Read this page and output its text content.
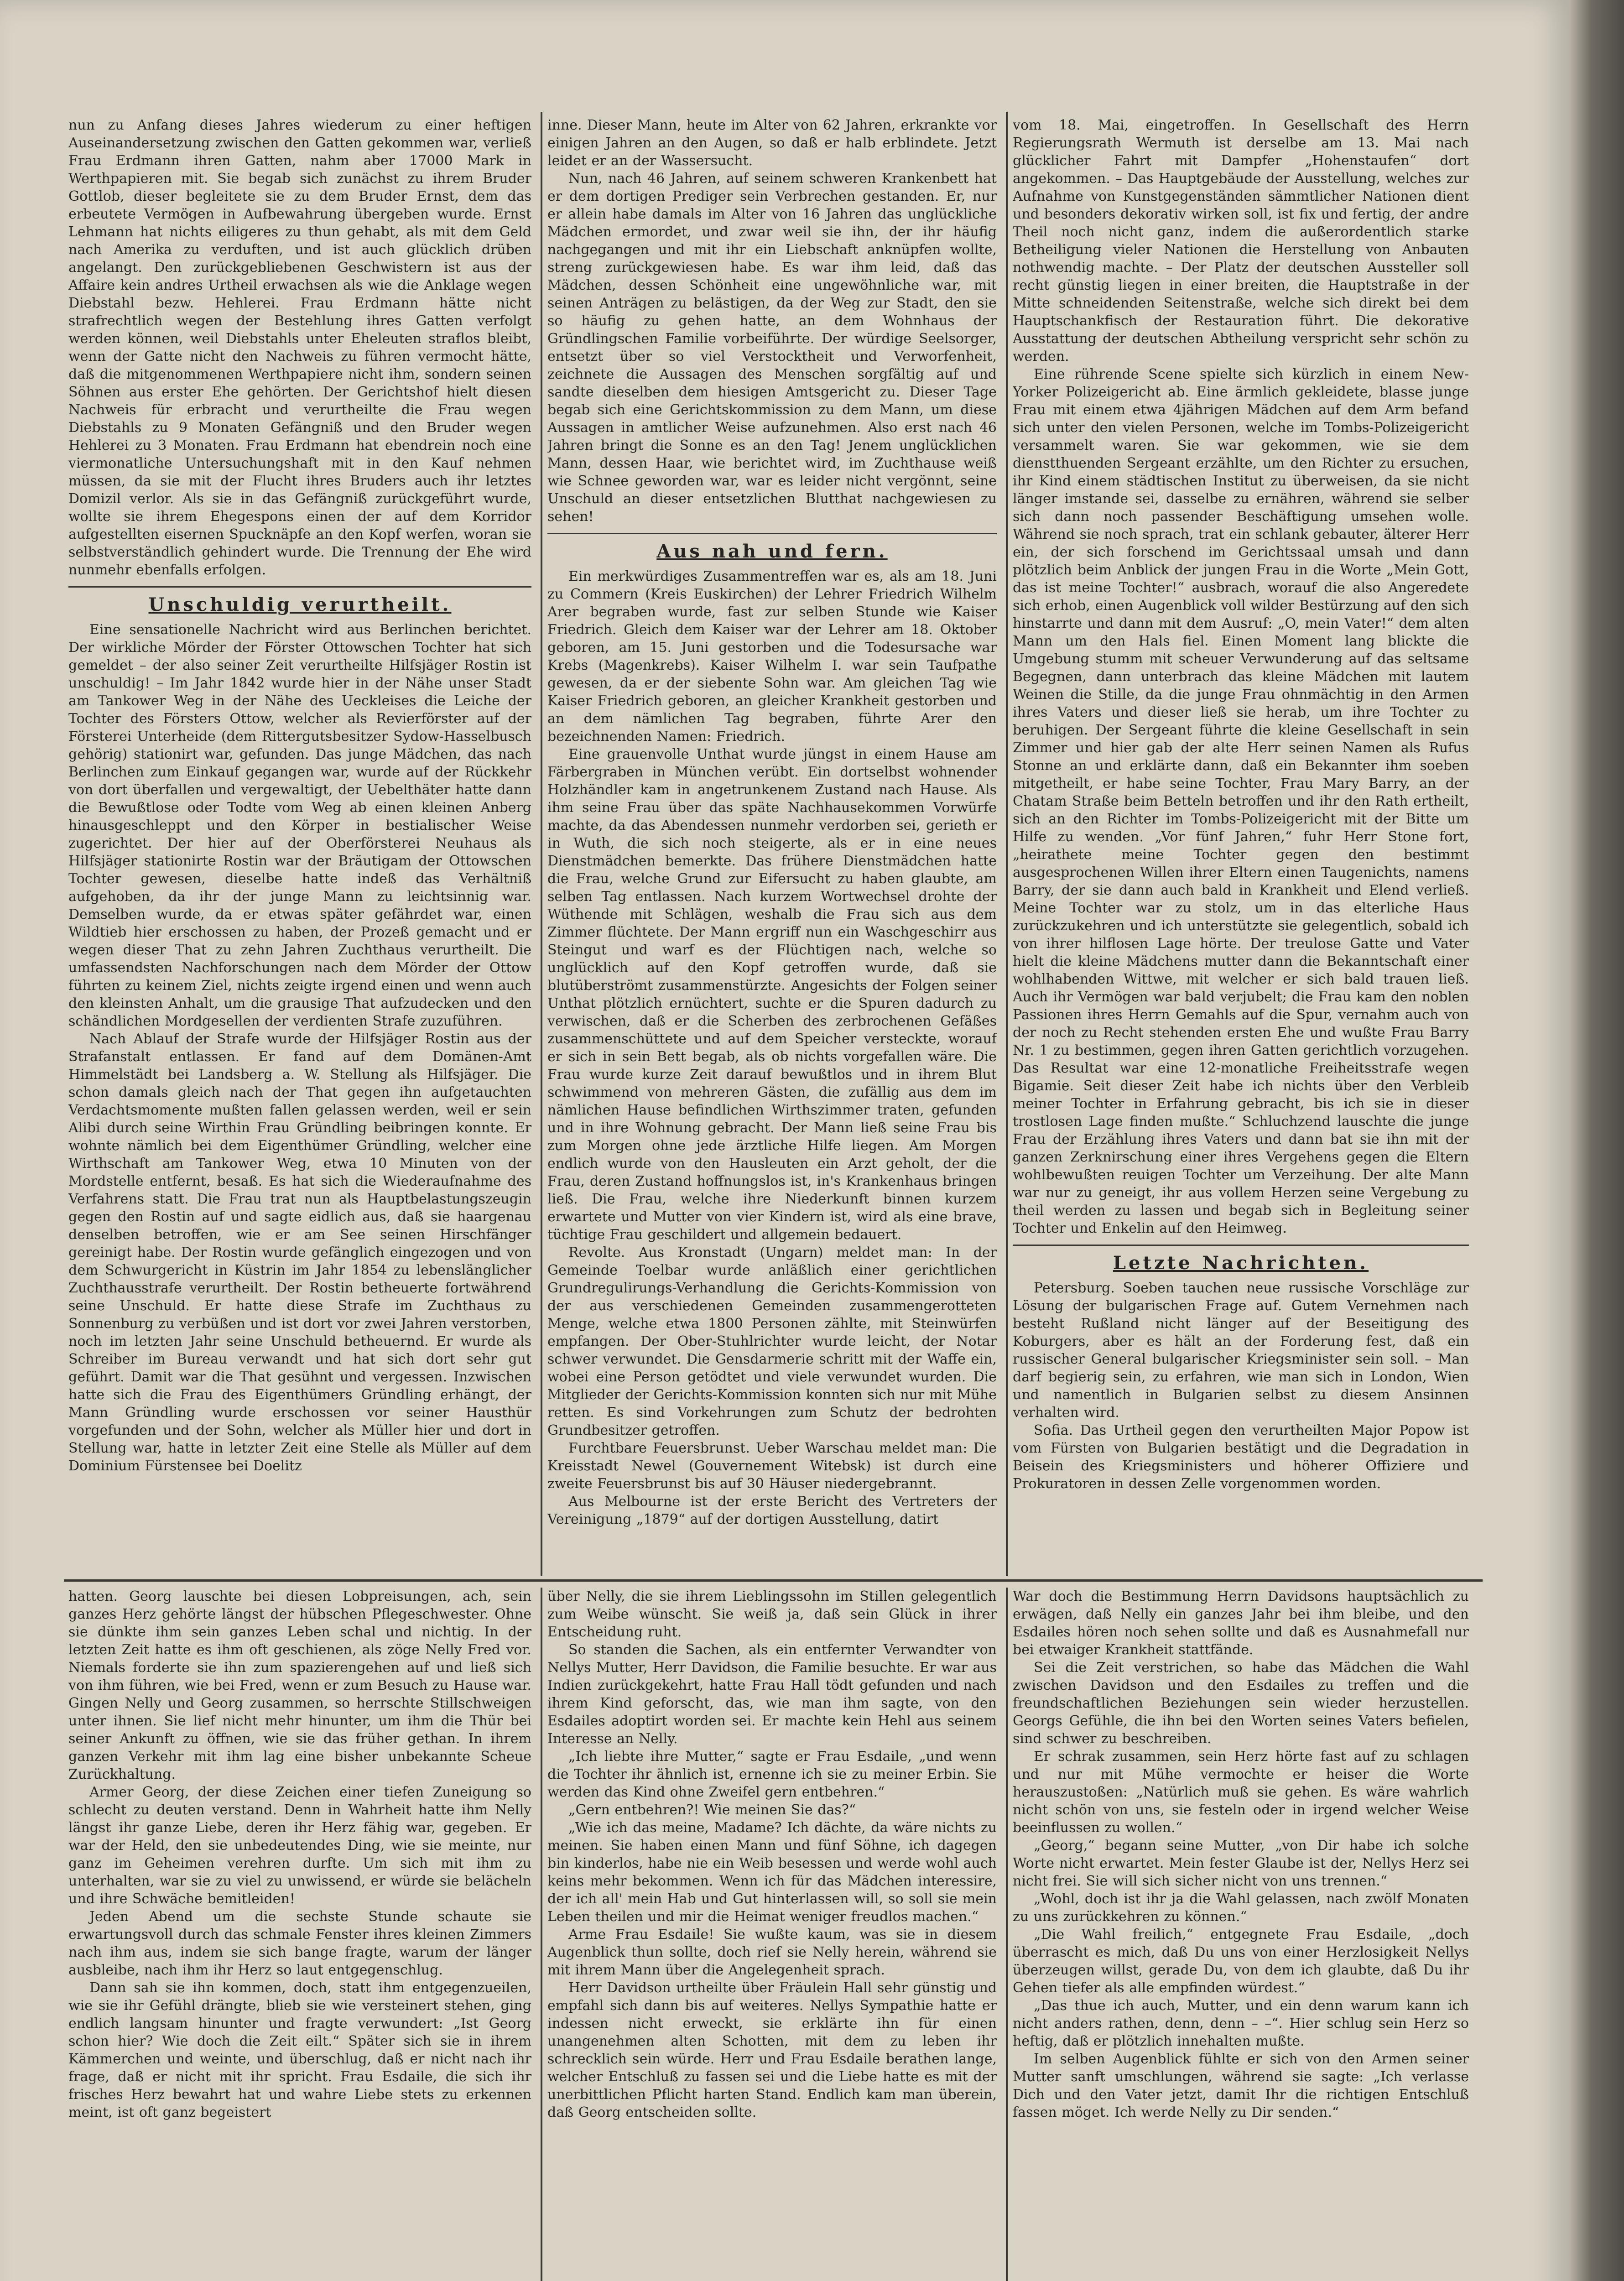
nun zu Anfang dieses Jahres wiederum zu einer heftigen Auseinandersetzung zwischen den Gatten gekommen war, verließ Frau Erdmann ihren Gatten, nahm aber 17000 Mark in Werthpapieren mit. Sie begab sich zunächst zu ihrem Bruder Gottlob, dieser begleitete sie zu dem Bruder Ernst, dem das erbeutete Vermögen in Aufbewahrung übergeben wurde. Ernst Lehmann hat nichts eiligeres zu thun gehabt, als mit dem Geld nach Amerika zu verduften, und ist auch glücklich drüben angelangt. Den zurückgebliebenen Geschwistern ist aus der Affaire kein andres Urtheil erwachsen als wie die Anklage wegen Diebstahl bezw. Hehlerei. Frau Erdmann hätte nicht strafrechtlich wegen der Bestehlung ihres Gatten verfolgt werden können, weil Diebstahls unter Eheleuten straflos bleibt, wenn der Gatte nicht den Nachweis zu führen vermocht hätte, daß die mitgenommenen Werthpapiere nicht ihm, sondern seinen Söhnen aus erster Ehe gehörten. Der Gerichtshof hielt diesen Nachweis für erbracht und verurtheilte die Frau wegen Diebstahls zu 9 Monaten Gefängniß und den Bruder wegen Hehlerei zu 3 Monaten. Frau Erdmann hat ebendrein noch eine viermonatliche Untersuchungshaft mit in den Kauf nehmen müssen, da sie mit der Flucht ihres Bruders auch ihr letztes Domizil verlor. Als sie in das Gefängniß zurückgeführt wurde, wollte sie ihrem Ehegespons einen der auf dem Korridor aufgestellten eisernen Spucknäpfe an den Kopf werfen, woran sie selbstverständlich gehindert wurde. Die Trennung der Ehe wird nunmehr ebenfalls erfolgen.

Unschuldig verurtheilt.

Eine sensationelle Nachricht wird aus Berlinchen berichtet. Der wirkliche Mörder der Förster Ottowschen Tochter hat sich gemeldet – der also seiner Zeit verurtheilte Hilfsjäger Rostin ist unschuldig! – Im Jahr 1842 wurde hier in der Nähe unser Stadt am Tankower Weg in der Nähe des Ueckleises die Leiche der Tochter des Försters Ottow, welcher als Revierförster auf der Försterei Unterheide (dem Rittergutsbesitzer Sydow-Hasselbusch gehörig) stationirt war, gefunden. Das junge Mädchen, das nach Berlinchen zum Einkauf gegangen war, wurde auf der Rückkehr von dort überfallen und vergewaltigt, der Uebelthäter hatte dann die Bewußtlose oder Todte vom Weg ab einen kleinen Anberg hinausgeschleppt und den Körper in bestialischer Weise zugerichtet. Der hier auf der Oberförsterei Neuhaus als Hilfsjäger stationirte Rostin war der Bräutigam der Ottowschen Tochter gewesen, dieselbe hatte indeß das Verhältniß aufgehoben, da ihr der junge Mann zu leichtsinnig war. Demselben wurde, da er etwas später gefährdet war, einen Wildtieb hier erschossen zu haben, der Prozeß gemacht und er wegen dieser That zu zehn Jahren Zuchthaus verurtheilt. Die umfassendsten Nachforschungen nach dem Mörder der Ottow führten zu keinem Ziel, nichts zeigte irgend einen und wenn auch den kleinsten Anhalt, um die grausige That aufzudecken und den schändlichen Mordgesellen der verdienten Strafe zuzuführen.

Nach Ablauf der Strafe wurde der Hilfsjäger Rostin aus der Strafanstalt entlassen. Er fand auf dem Domänen-Amt Himmelstädt bei Landsberg a. W. Stellung als Hilfsjäger. Die schon damals gleich nach der That gegen ihn aufgetauchten Verdachtsmomente mußten fallen gelassen werden, weil er sein Alibi durch seine Wirthin Frau Gründling beibringen konnte. Er wohnte nämlich bei dem Eigenthümer Gründling, welcher eine Wirthschaft am Tankower Weg, etwa 10 Minuten von der Mordstelle entfernt, besaß. Es hat sich die Wiederaufnahme des Verfahrens statt. Die Frau trat nun als Hauptbelastungszeugin gegen den Rostin auf und sagte eidlich aus, daß sie haargenau denselben betroffen, wie er am See seinen Hirschfänger gereinigt habe. Der Rostin wurde gefänglich eingezogen und von dem Schwurgericht in Küstrin im Jahr 1854 zu lebenslänglicher Zuchthausstrafe verurtheilt. Der Rostin betheuerte fortwährend seine Unschuld. Er hatte diese Strafe im Zuchthaus zu Sonnenburg zu verbüßen und ist dort vor zwei Jahren verstorben, noch im letzten Jahr seine Unschuld betheuernd. Er wurde als Schreiber im Bureau verwandt und hat sich dort sehr gut geführt. Damit war die That gesühnt und vergessen. Inzwischen hatte sich die Frau des Eigenthümers Gründling erhängt, der Mann Gründling wurde erschossen vor seiner Hausthür vorgefunden und der Sohn, welcher als Müller hier und dort in Stellung war, hatte in letzter Zeit eine Stelle als Müller auf dem Dominium Fürstensee bei Doelitz

inne. Dieser Mann, heute im Alter von 62 Jahren, erkrankte vor einigen Jahren an den Augen, so daß er halb erblindete. Jetzt leidet er an der Wassersucht.

Nun, nach 46 Jahren, auf seinem schweren Krankenbett hat er dem dortigen Prediger sein Verbrechen gestanden. Er, nur er allein habe damals im Alter von 16 Jahren das unglückliche Mädchen ermordet, und zwar weil sie ihn, der ihr häufig nachgegangen und mit ihr ein Liebschaft anknüpfen wollte, streng zurückgewiesen habe. Es war ihm leid, daß das Mädchen, dessen Schönheit eine ungewöhnliche war, mit seinen Anträgen zu belästigen, da der Weg zur Stadt, den sie so häufig zu gehen hatte, an dem Wohnhaus der Gründlingschen Familie vorbeiführte. Der würdige Seelsorger, entsetzt über so viel Verstocktheit und Verworfenheit, zeichnete die Aussagen des Menschen sorgfältig auf und sandte dieselben dem hiesigen Amtsgericht zu. Dieser Tage begab sich eine Gerichtskommission zu dem Mann, um diese Aussagen in amtlicher Weise aufzunehmen. Also erst nach 46 Jahren bringt die Sonne es an den Tag! Jenem unglücklichen Mann, dessen Haar, wie berichtet wird, im Zuchthause weiß wie Schnee geworden war, war es leider nicht vergönnt, seine Unschuld an dieser entsetzlichen Blutthat nachgewiesen zu sehen!

Aus nah und fern.

Ein merkwürdiges Zusammentreffen war es, als am 18. Juni zu Commern (Kreis Euskirchen) der Lehrer Friedrich Wilhelm Arer begraben wurde, fast zur selben Stunde wie Kaiser Friedrich. Gleich dem Kaiser war der Lehrer am 18. Oktober geboren, am 15. Juni gestorben und die Todesursache war Krebs (Magenkrebs). Kaiser Wilhelm I. war sein Taufpathe gewesen, da er der siebente Sohn war. Am gleichen Tag wie Kaiser Friedrich geboren, an gleicher Krankheit gestorben und an dem nämlichen Tag begraben, führte Arer den bezeichnenden Namen: Friedrich.

Eine grauenvolle Unthat wurde jüngst in einem Hause am Färbergraben in München verübt. Ein dortselbst wohnender Holzhändler kam in angetrunkenem Zustand nach Hause. Als ihm seine Frau über das späte Nachhausekommen Vorwürfe machte, da das Abendessen nunmehr verdorben sei, gerieth er in Wuth, die sich noch steigerte, als er in eine neues Dienstmädchen bemerkte. Das frühere Dienstmädchen hatte die Frau, welche Grund zur Eifersucht zu haben glaubte, am selben Tag entlassen. Nach kurzem Wortwechsel drohte der Wüthende mit Schlägen, weshalb die Frau sich aus dem Zimmer flüchtete. Der Mann ergriff nun ein Waschgeschirr aus Steingut und warf es der Flüchtigen nach, welche so unglücklich auf den Kopf getroffen wurde, daß sie blutüberströmt zusammenstürzte. Angesichts der Folgen seiner Unthat plötzlich ernüchtert, suchte er die Spuren dadurch zu verwischen, daß er die Scherben des zerbrochenen Gefäßes zusammenschüttete und auf dem Speicher versteckte, worauf er sich in sein Bett begab, als ob nichts vorgefallen wäre. Die Frau wurde kurze Zeit darauf bewußtlos und in ihrem Blut schwimmend von mehreren Gästen, die zufällig aus dem im nämlichen Hause befindlichen Wirthszimmer traten, gefunden und in ihre Wohnung gebracht. Der Mann ließ seine Frau bis zum Morgen ohne jede ärztliche Hilfe liegen. Am Morgen endlich wurde von den Hausleuten ein Arzt geholt, der die Frau, deren Zustand hoffnungslos ist, in's Krankenhaus bringen ließ. Die Frau, welche ihre Niederkunft binnen kurzem erwartete und Mutter von vier Kindern ist, wird als eine brave, tüchtige Frau geschildert und allgemein bedauert.

Revolte. Aus Kronstadt (Ungarn) meldet man: In der Gemeinde Toelbar wurde anläßlich einer gerichtlichen Grundregulirungs-Verhandlung die Gerichts-Kommission von der aus verschiedenen Gemeinden zusammengerotteten Menge, welche etwa 1800 Personen zählte, mit Steinwürfen empfangen. Der Ober-Stuhlrichter wurde leicht, der Notar schwer verwundet. Die Gensdarmerie schritt mit der Waffe ein, wobei eine Person getödtet und viele verwundet wurden. Die Mitglieder der Gerichts-Kommission konnten sich nur mit Mühe retten. Es sind Vorkehrungen zum Schutz der bedrohten Grundbesitzer getroffen.

Furchtbare Feuersbrunst. Ueber Warschau meldet man: Die Kreisstadt Newel (Gouvernement Witebsk) ist durch eine zweite Feuersbrunst bis auf 30 Häuser niedergebrannt.

Aus Melbourne ist der erste Bericht des Vertreters der Vereinigung „1879“ auf der dortigen Ausstellung, datirt

vom 18. Mai, eingetroffen. In Gesellschaft des Herrn Regierungsrath Wermuth ist derselbe am 13. Mai nach glücklicher Fahrt mit Dampfer „Hohenstaufen“ dort angekommen. – Das Hauptgebäude der Ausstellung, welches zur Aufnahme von Kunstgegenständen sämmtlicher Nationen dient und besonders dekorativ wirken soll, ist fix und fertig, der andre Theil noch nicht ganz, indem die außerordentlich starke Betheiligung vieler Nationen die Herstellung von Anbauten nothwendig machte. – Der Platz der deutschen Aussteller soll recht günstig liegen in einer breiten, die Hauptstraße in der Mitte schneidenden Seitenstraße, welche sich direkt bei dem Hauptschankfisch der Restauration führt. Die dekorative Ausstattung der deutschen Abtheilung verspricht sehr schön zu werden.

Eine rührende Scene spielte sich kürzlich in einem New-Yorker Polizeigericht ab. Eine ärmlich gekleidete, blasse junge Frau mit einem etwa 4jährigen Mädchen auf dem Arm befand sich unter den vielen Personen, welche im Tombs-Polizeigericht versammelt waren. Sie war gekommen, wie sie dem dienstthuenden Sergeant erzählte, um den Richter zu ersuchen, ihr Kind einem städtischen Institut zu überweisen, da sie nicht länger imstande sei, dasselbe zu ernähren, während sie selber sich dann noch passender Beschäftigung umsehen wolle. Während sie noch sprach, trat ein schlank gebauter, älterer Herr ein, der sich forschend im Gerichtssaal umsah und dann plötzlich beim Anblick der jungen Frau in die Worte „Mein Gott, das ist meine Tochter!“ ausbrach, worauf die also Angeredete sich erhob, einen Augenblick voll wilder Bestürzung auf den sich hinstarrte und dann mit dem Ausruf: „O, mein Vater!“ dem alten Mann um den Hals fiel. Einen Moment lang blickte die Umgebung stumm mit scheuer Verwunderung auf das seltsame Begegnen, dann unterbrach das kleine Mädchen mit lautem Weinen die Stille, da die junge Frau ohnmächtig in den Armen ihres Vaters und dieser ließ sie herab, um ihre Tochter zu beruhigen. Der Sergeant führte die kleine Gesellschaft in sein Zimmer und hier gab der alte Herr seinen Namen als Rufus Stonne an und erklärte dann, daß ein Bekannter ihm soeben mitgetheilt, er habe seine Tochter, Frau Mary Barry, an der Chatam Straße beim Betteln betroffen und ihr den Rath ertheilt, sich an den Richter im Tombs-Polizeigericht mit der Bitte um Hilfe zu wenden. „Vor fünf Jahren,“ fuhr Herr Stone fort, „heirathete meine Tochter gegen den bestimmt ausgesprochenen Willen ihrer Eltern einen Taugenichts, namens Barry, der sie dann auch bald in Krankheit und Elend verließ. Meine Tochter war zu stolz, um in das elterliche Haus zurückzukehren und ich unterstützte sie gelegentlich, sobald ich von ihrer hilflosen Lage hörte. Der treulose Gatte und Vater hielt die kleine Mädchens mutter dann die Bekanntschaft einer wohlhabenden Wittwe, mit welcher er sich bald trauen ließ. Auch ihr Vermögen war bald verjubelt; die Frau kam den noblen Passionen ihres Herrn Gemahls auf die Spur, vernahm auch von der noch zu Recht stehenden ersten Ehe und wußte Frau Barry Nr. 1 zu bestimmen, gegen ihren Gatten gerichtlich vorzugehen. Das Resultat war eine 12-monatliche Freiheitsstrafe wegen Bigamie. Seit dieser Zeit habe ich nichts über den Verbleib meiner Tochter in Erfahrung gebracht, bis ich sie in dieser trostlosen Lage finden mußte.“ Schluchzend lauschte die junge Frau der Erzählung ihres Vaters und dann bat sie ihn mit der ganzen Zerknirschung einer ihres Vergehens gegen die Eltern wohlbewußten reuigen Tochter um Verzeihung. Der alte Mann war nur zu geneigt, ihr aus vollem Herzen seine Vergebung zu theil werden zu lassen und begab sich in Begleitung seiner Tochter und Enkelin auf den Heimweg.

Letzte Nachrichten.

Petersburg. Soeben tauchen neue russische Vorschläge zur Lösung der bulgarischen Frage auf. Gutem Vernehmen nach besteht Rußland nicht länger auf der Beseitigung des Koburgers, aber es hält an der Forderung fest, daß ein russischer General bulgarischer Kriegsminister sein soll. – Man darf begierig sein, zu erfahren, wie man sich in London, Wien und namentlich in Bulgarien selbst zu diesem Ansinnen verhalten wird.

Sofia. Das Urtheil gegen den verurtheilten Major Popow ist vom Fürsten von Bulgarien bestätigt und die Degradation in Beisein des Kriegsministers und höherer Offiziere und Prokuratoren in dessen Zelle vorgenommen worden.

hatten. Georg lauschte bei diesen Lobpreisungen, ach, sein ganzes Herz gehörte längst der hübschen Pflegeschwester. Ohne sie dünkte ihm sein ganzes Leben schal und nichtig. In der letzten Zeit hatte es ihm oft geschienen, als zöge Nelly Fred vor. Niemals forderte sie ihn zum spazierengehen auf und ließ sich von ihm führen, wie bei Fred, wenn er zum Besuch zu Hause war. Gingen Nelly und Georg zusammen, so herrschte Stillschweigen unter ihnen. Sie lief nicht mehr hinunter, um ihm die Thür bei seiner Ankunft zu öffnen, wie sie das früher gethan. In ihrem ganzen Verkehr mit ihm lag eine bisher unbekannte Scheue Zurückhaltung.

Armer Georg, der diese Zeichen einer tiefen Zuneigung so schlecht zu deuten verstand. Denn in Wahrheit hatte ihm Nelly längst ihr ganze Liebe, deren ihr Herz fähig war, gegeben. Er war der Held, den sie unbedeutendes Ding, wie sie meinte, nur ganz im Geheimen verehren durfte. Um sich mit ihm zu unterhalten, war sie zu viel zu unwissend, er würde sie belächeln und ihre Schwäche bemitleiden!

Jeden Abend um die sechste Stunde schaute sie erwartungsvoll durch das schmale Fenster ihres kleinen Zimmers nach ihm aus, indem sie sich bange fragte, warum der länger ausbleibe, nach ihm ihr Herz so laut entgegenschlug.

Dann sah sie ihn kommen, doch, statt ihm entgegenzueilen, wie sie ihr Gefühl drängte, blieb sie wie versteinert stehen, ging endlich langsam hinunter und fragte verwundert: „Ist Georg schon hier? Wie doch die Zeit eilt.“ Später sich sie in ihrem Kämmerchen und weinte, und überschlug, daß er nicht nach ihr frage, daß er nicht mit ihr spricht. Frau Esdaile, die sich ihr frisches Herz bewahrt hat und wahre Liebe stets zu erkennen meint, ist oft ganz begeistert

über Nelly, die sie ihrem Lieblingssohn im Stillen gelegentlich zum Weibe wünscht. Sie weiß ja, daß sein Glück in ihrer Entscheidung ruht.

So standen die Sachen, als ein entfernter Verwandter von Nellys Mutter, Herr Davidson, die Familie besuchte. Er war aus Indien zurückgekehrt, hatte Frau Hall tödt gefunden und nach ihrem Kind geforscht, das, wie man ihm sagte, von den Esdailes adoptirt worden sei. Er machte kein Hehl aus seinem Interesse an Nelly.

„Ich liebte ihre Mutter,“ sagte er Frau Esdaile, „und wenn die Tochter ihr ähnlich ist, ernenne ich sie zu meiner Erbin. Sie werden das Kind ohne Zweifel gern entbehren.“

„Gern entbehren?! Wie meinen Sie das?“

„Wie ich das meine, Madame? Ich dächte, da wäre nichts zu meinen. Sie haben einen Mann und fünf Söhne, ich dagegen bin kinderlos, habe nie ein Weib besessen und werde wohl auch keins mehr bekommen. Wenn ich für das Mädchen interessire, der ich all' mein Hab und Gut hinterlassen will, so soll sie mein Leben theilen und mir die Heimat weniger freudlos machen.“

Arme Frau Esdaile! Sie wußte kaum, was sie in diesem Augenblick thun sollte, doch rief sie Nelly herein, während sie mit ihrem Mann über die Angelegenheit sprach.

Herr Davidson urtheilte über Fräulein Hall sehr günstig und empfahl sich dann bis auf weiteres. Nellys Sympathie hatte er indessen nicht erweckt, sie erklärte ihn für einen unangenehmen alten Schotten, mit dem zu leben ihr schrecklich sein würde. Herr und Frau Esdaile berathen lange, welcher Entschluß zu fassen sei und die Liebe hatte es mit der unerbittlichen Pflicht harten Stand. Endlich kam man überein, daß Georg entscheiden sollte.

War doch die Bestimmung Herrn Davidsons hauptsächlich zu erwägen, daß Nelly ein ganzes Jahr bei ihm bleibe, und den Esdailes hören noch sehen sollte und daß es Ausnahmefall nur bei etwaiger Krankheit stattfände.

Sei die Zeit verstrichen, so habe das Mädchen die Wahl zwischen Davidson und den Esdailes zu treffen und die freundschaftlichen Beziehungen sein wieder herzustellen. Georgs Gefühle, die ihn bei den Worten seines Vaters befielen, sind schwer zu beschreiben.

Er schrak zusammen, sein Herz hörte fast auf zu schlagen und nur mit Mühe vermochte er heiser die Worte herauszustoßen: „Natürlich muß sie gehen. Es wäre wahrlich nicht schön von uns, sie festeln oder in irgend welcher Weise beeinflussen zu wollen.“

„Georg,“ begann seine Mutter, „von Dir habe ich solche Worte nicht erwartet. Mein fester Glaube ist der, Nellys Herz sei nicht frei. Sie will sich sicher nicht von uns trennen.“

„Wohl, doch ist ihr ja die Wahl gelassen, nach zwölf Monaten zu uns zurückkehren zu können.“

„Die Wahl freilich,“ entgegnete Frau Esdaile, „doch überrascht es mich, daß Du uns von einer Herzlosigkeit Nellys überzeugen willst, gerade Du, von dem ich glaubte, daß Du ihr Gehen tiefer als alle empfinden würdest.“

„Das thue ich auch, Mutter, und ein denn warum kann ich nicht anders rathen, denn, denn – –“. Hier schlug sein Herz so heftig, daß er plötzlich innehalten mußte.

Im selben Augenblick fühlte er sich von den Armen seiner Mutter sanft umschlungen, während sie sagte: „Ich verlasse Dich und den Vater jetzt, damit Ihr die richtigen Entschluß fassen möget. Ich werde Nelly zu Dir senden.“
